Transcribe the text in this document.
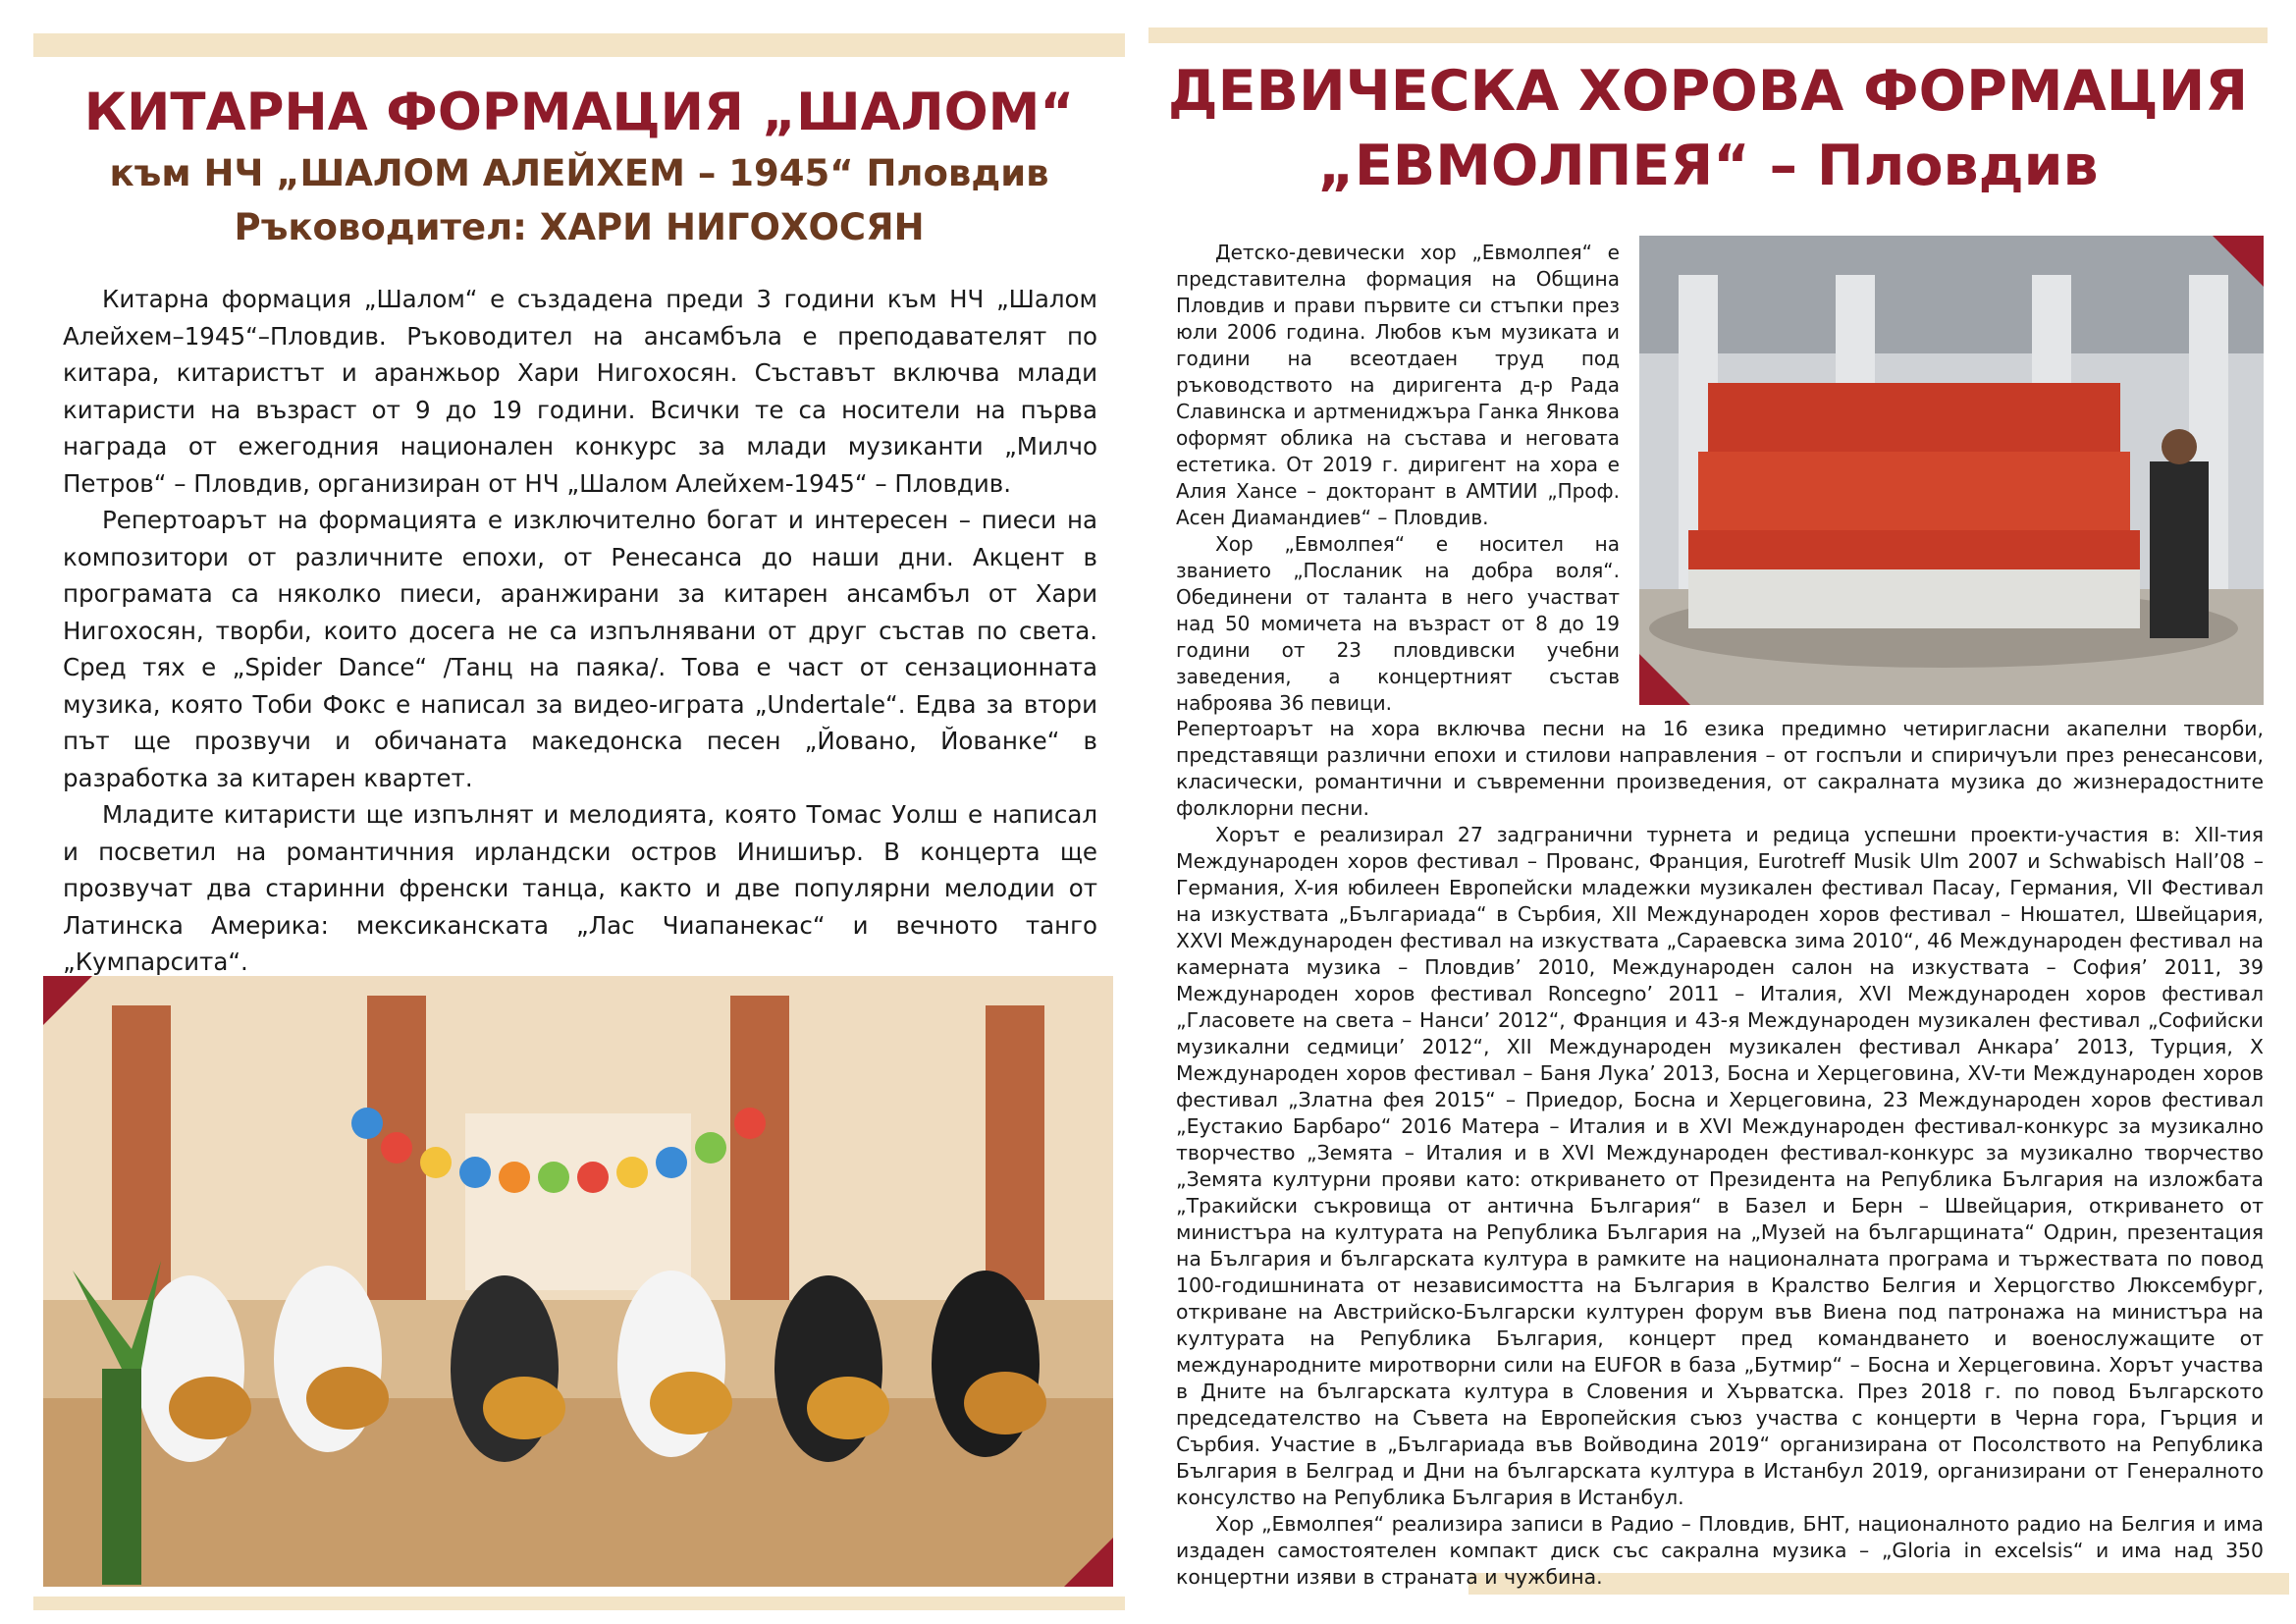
КИТАРНА ФОРМАЦИЯ „ШАЛОМ“
към НЧ „ШАЛОМ АЛЕЙХЕМ – 1945“ Пловдив
Ръководител: ХАРИ НИГОХОСЯН

Китарна формация „Шалом“ е създадена преди 3 години към НЧ „Шалом Алейхем–1945“–Пловдив. Ръководител на ансамбъла е преподавателят по китара, китаристът и аранжьор Хари Нигохосян. Съставът включва млади китаристи на възраст от 9 до 19 години. Всички те са носители на първа награда от ежегодния национален конкурс за млади музиканти „Милчо Петров“ – Пловдив, организиран от НЧ „Шалом Алейхем-1945“ – Пловдив.

Репертоарът на формацията е изключително богат и интересен – пиеси на композитори от различните епохи, от Ренесанса до наши дни. Акцент в програмата са няколко пиеси, аранжирани за китарен ансамбъл от Хари Нигохосян, творби, които досега не са изпълнявани от друг състав по света. Сред тях е „Spider Dance“ /Танц на паяка/. Това е част от сензационната музика, която Тоби Фокс е написал за видео-играта „Undertale“. Едва за втори път ще прозвучи и обичаната македонска песен „Йовано, Йованке“ в разработка за китарен квартет.

Младите китаристи ще изпълнят и мелодията, която Томас Уолш е написал и посветил на романтичния ирландски остров Инишиър. В концерта ще прозвучат два старинни френски танца, както и две популярни мелодии от Латинска Америка: мексиканската „Лас Чиапанекас“ и вечното танго „Кумпарсита“.

ДЕВИЧЕСКА ХОРОВА ФОРМАЦИЯ
„ЕВМОЛПЕЯ“ – Пловдив

Детско-девически хор „Евмолпея“ е представителна формация на Община Пловдив и прави първите си стъпки през юли 2006 година. Любов към музиката и години на всеотдаен труд под ръководството на диригента д-р Рада Славинска и артмениджъра Ганка Янкова оформят облика на състава и неговата естетика. От 2019 г. диригент на хора е Алия Хансе – докторант в АМТИИ „Проф. Асен Диамандиев“ – Пловдив.

Хор „Евмолпея“ е носител на званието „Посланик на добра воля“. Обединени от таланта в него участват над 50 момичета на възраст от 8 до 19 години от 23 пловдивски учебни заведения, а концертният състав наброява 36 певици.

Репертоарът на хора включва песни на 16 езика предимно четиригласни акапелни творби, представящи различни епохи и стилови направления – от госпъли и спиричуъли през ренесансови, класически, романтични и съвременни произведения, от сакралната музика до жизнерадостните фолклорни песни.

Хорът е реализирал 27 задгранични турнета и редица успешни проекти-участия в: XII-тия Международен хоров фестивал – Прованс, Франция, Eurotreff Musik Ulm 2007 и Schwabisch Hall’08 – Германия, X-ия юбилеен Европейски младежки музикален фестивал Пасау, Германия, VII Фестивал на изкуствата „Българиада“ в Сърбия, XII Международен хоров фестивал – Нюшател, Швейцария, XXVI Международен фестивал на изкуствата „Сараевска зима 2010“, 46 Международен фестивал на камерната музика – Пловдив’ 2010, Международен салон на изкуствата – София’ 2011, 39 Международен хоров фестивал Roncegno’ 2011 – Италия, XVI Международен хоров фестивал „Гласовете на света – Нанси’ 2012“, Франция и 43-я Международен музикален фестивал „Софийски музикални седмици’ 2012“, XII Международен музикален фестивал Анкара’ 2013, Турция, X Международен хоров фестивал – Баня Лука’ 2013, Босна и Херцеговина, XV-ти Международен хоров фестивал „Златна фея 2015“ – Приедор, Босна и Херцеговина, 23 Международен хоров фестивал „Еустакио Барбаро“ 2016 Матера – Италия и в XVI Международен фестивал-конкурс за музикално творчество „Земята – Италия и в XVI Международен фестивал-конкурс за музикално творчество „Земята културни прояви като: откриването от Президента на Република България на изложбата „Тракийски съкровища от антична България“ в Базел и Берн – Швейцария, откриването от министъра на културата на Република България на „Музей на българщината“ Одрин, презентация на България и българската култура в рамките на националната програма и тържествата по повод 100-годишнината от независимостта на България в Кралство Белгия и Херцогство Люксембург, откриване на Австрийско-Български културен форум във Виена под патронажа на министъра на културата на Република България, концерт пред командването и военослужащите от международните миротворни сили на EUFOR в база „Бутмир“ – Босна и Херцеговина. Хорът участва в Дните на българската култура в Словения и Хърватска. През 2018 г. по повод Българското председателство на Съвета на Европейския съюз участва с концерти в Черна гора, Гърция и Сърбия. Участие в „Българиада във Войводина 2019“ организирана от Посолството на Република България в Белград и Дни на българската култура в Истанбул 2019, организирани от Генералното консулство на Република България в Истанбул.

Хор „Евмолпея“ реализира записи в Радио – Пловдив, БНТ, националното радио на Белгия и има издаден самостоятелен компакт диск със сакрална музика – „Gloria in excelsis“ и има над 350 концертни изяви в страната и чужбина.
